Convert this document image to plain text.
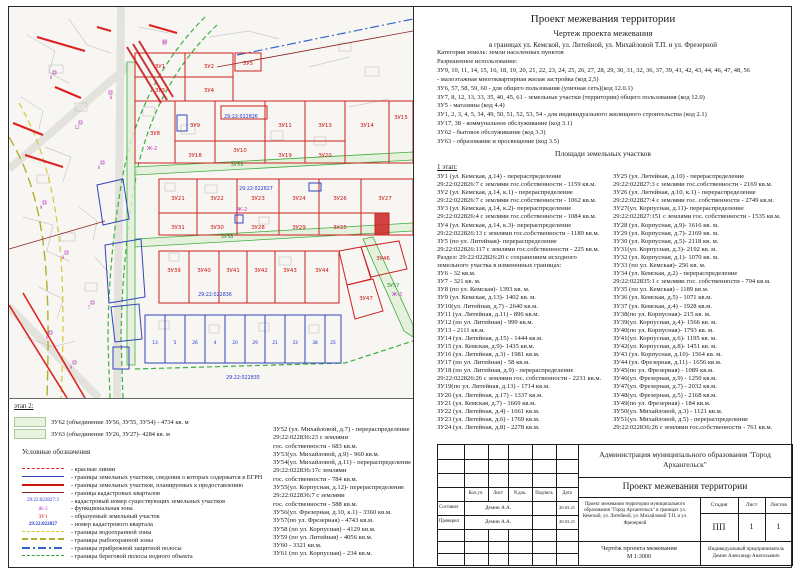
ЗУ1	ЗУ2
ЗУ3	ЗУ4
ЗУ5
ЗУ8
ЗУ9
ЗУ10
ЗУ11	ЗУ13	ЗУ14
ЗУ15
ЗУ18	ЗУ19	ЗУ20
ЗУ21	ЗУ22	ЗУ23	ЗУ24	ЗУ26	ЗУ27
ЗУ31	ЗУ30	ЗУ28	ЗУ29	ЗУ25
ЗУ39	ЗУ40	ЗУ41	ЗУ42	ЗУ43	ЗУ44
ЗУ46
ЗУ47
29:22:022826
29:22:022827
29:22:022836
29:22:022835
13	5	26	4	20	29	21	33	38	25
Ж-2
Ж-2
Ж-2
ЗУ59
ЗУ58
ЗУ57
8
12
б
9
8
7
б
9
12
8
Проект межевания территории
Чертеж проекта межевания
в границах ул. Кемской, ул. Литейной, ул. Михайловой Т.П. и ул. Фрезерной
Категория земель: земли населенных пунктов
Разрешенное использование:
ЗУ9, 10, 11, 14, 15, 16, 18, 19, 20, 21, 22, 23, 24, 25, 26, 27, 28, 29, 30, 31, 32, 36, 37, 39, 41, 42, 43, 44, 46, 47, 48, 56
- малоэтажная многоквартирная жилая застройка (код 2,5)
ЗУ6, 57, 58, 59, 60 - для общего пользования (уличная сеть)(код 12.0.1)
ЗУ7, 8, 12, 13, 33, 35, 40, 45, 61 - земельные участки (территории) общего пользования (код 12.0)
ЗУ5 - магазины (код 4.4)
ЗУ1, 2, 3, 4, 5, 34, 49, 50, 51, 52, 53, 54 - для индивидуального жилищного строительства (код 2.1)
ЗУ17, 38 - коммунальное обслуживание (код 3.1)
ЗУ62 - бытовое обслуживание (код 3.3)
ЗУ63 - образование и просвещение (код 3.5)
Площади земельных участков
1 этап:
ЗУ1 (ул. Кемская, д.14) - перераспределение
29:22:022826:7 с землями гос.собственности - 1159 кв.м.
ЗУ2 (ул. Кемская, д.14, к.1) - перераспределение
29:22:022826:7 с землями гос.собственности - 1062 кв.м.
ЗУ3 (ул. Кемская, д.14, к.2)- перераспределение
29:22:022826:4 с землями гос.собственности - 1084 кв.м.
ЗУ4 (ул. Кемская, д.14, к.3)- перераспределение
29:22:022826:13 с землями гос.собственности - 1189 кв.м.
ЗУ5 (по ул. Литейная)- перераспределение
29:22:022826:117 с землями гос.собственности - 225 кв.м.
Раздел: 29:22:022826:20 с сохранением исходного
земельного участка в измененных границах:
ЗУ6 - 32 кв.м.
ЗУ7 - 321 кв. м.
ЗУ8 (по ул. Кемская)- 1393 кв. м.
ЗУ9 (ул. Кемская, д.13)- 1402 кв. м.
ЗУ10(ул. Литейная, д.7) - 2640 кв.м.
ЗУ11 (ул. Литейная, д.11) - 896 кв.м.
ЗУ12 (по ул. Литейная) - 999 кв.м.
ЗУ13 - 2111 кв.м.
ЗУ14 (ул. Литейная, д.15) - 1444 кв.м.
ЗУ15 (ул. Кемская, д.9)- 1435 кв.м.
ЗУ16 (ул. Литейная, д.3) - 1981 кв.м.
ЗУ17 (по ул. Литейная) - 58 кв.м.
ЗУ18 (по ул. Литейная, д.9) - перераспределение
29:22:022826:26 с землями гос. собственности - 2231 кв.м.
ЗУ19(по ул. Литейная, д.13) - 1714 кв.м.
ЗУ20 (ул. Литейная, д.17) - 1337 кв.м.
ЗУ21 (ул. Кемская, д.7) - 1669 кв.м.
ЗУ22 (ул. Литейная, д.4) - 1661 кв.м.
ЗУ23 (ул. Литейная, д.6) - 1769 кв.м.
ЗУ24 (ул. Литейная, д.8) - 2278 кв.м.
ЗУ25 (ул. Литейная, д.10) - перераспределение
29:22:022827:3 с землями гос.собственности - 2169 кв.м.
ЗУ26 (ул. Литейная, д.10, к.1) - перераспределение
29:22:022827:4 с землями гос. собственности - 2749 кв.м.
ЗУ27(ул. Корпусная, д.11)- перераспределение
29:22:022827:151 с землями гос. собственности - 1535 кв.м.
ЗУ28 (ул. Корпусная, д.9)- 1616 кв. м.
ЗУ29 (ул. Корпусная, д.7)- 2169 кв. м.
ЗУ30 (ул. Корпусная, д.5)- 2118 кв. м.
ЗУ31(ул. Корпусная, д.3)- 2192 кв. м.
ЗУ32 (ул. Корпусная, д.1)- 1070 кв. м.
ЗУ33 (по ул. Кемская)- 256 кв. м.
ЗУ34 (ул. Кемская, д.2) - перераспределение
29:22:022835:1 с землями гос. собственности - 794 кв.м.
ЗУ35 (по ул. Кемская) - 1189 кв.м.
ЗУ36 (ул. Кемская, д.5) - 1071 кв.м.
ЗУ37 (ул. Кемская, д.4) - 1928 кв.м.
ЗУ38(по ул. Корпусная)- 215 кв. м.
ЗУ39(ул. Корпусная, д.4)- 1566 кв. м.
ЗУ40(по ул. Корпусная)- 1793 кв. м.
ЗУ41(ул. Корпусная, д.6)- 1195 кв. м.
ЗУ42(ул. Корпусная, д.8)- 1451 кв. м.
ЗУ43 (ул. Корпусная, д.10)- 1564 кв. м.
ЗУ44 (ул. Фрезерная, д.11) - 1656 кв.м.
ЗУ45(по ул. Фрезерная) - 1089 кв.м.
ЗУ46(ул. Фрезерная, д.9) - 1250 кв.м.
ЗУ47(ул. Фрезерная, д.7) - 2032 кв.м.
ЗУ48(ул. Фрезерная, д.5) - 2168 кв.м.
ЗУ49(по ул. Фрезерная) - 184 кв.м.
ЗУ50(ул. Михайловой, д.3) - 1121 кв.м.
ЗУ51(ул. Михайловой, д.5) - перераспределение
29:22:022836:26 с землями гос.собственности - 761 кв.м.
ЗУ52 (ул. Михайловой, д.7) - перераспределение
29:22:022836:23 с землями
гос. собственности - 683 кв.м.
ЗУ53(ул. Михайловой, д.9) - 960 кв.м.
ЗУ54(ул. Михайловой, д.11) - перераспределение
29:22:022836:17с землями
гос. собственности - 784 кв.м.
ЗУ55(ул. Корпусная, д.12)- перераспределение
29:22:022836:7 с землями
гос. собственности - 588 кв.м.
ЗУ56(ул. Фрезерная, д.10, к.1) - 3360 кв.м.
ЗУ57(по ул. Фрезерная) - 4743 кв.м.
ЗУ58 (по ул. Корпусная) - 4129 кв.м.
ЗУ59 (по ул. Литейная) - 4056 кв.м.
ЗУ60 - 3321 кв.м.
ЗУ61 (по ул. Корпусная) - 234 кв.м.
этап 2:
ЗУ62 (объединение ЗУ56, ЗУ55, ЗУ54) - 4734 кв. м
ЗУ63 (объединение ЗУ26, ЗУ27)- 4284 кв. м
Условные обозначения
- красные линии
- границы земельных участков, сведения о которых содержатся в ЕГРН
- границы земельных участков, планируемых к предоставлению
- граница кадастровых кварталов
29:22:022827:3 - кадастровый номер существующих земельных участков
Ж-2	- функциональная зона
ЗУ1	- образуемый земельный участок
29:22:022827 - номер кадастрового квартала
- границы водоохранной зоны
- границы рыбоохранной зоны
- границы прибрежной защитной полосы
- границы береговой полосы водного объекта
Кол.уч.	Лист	N.док.	Подпись	Дата
Составил	Демин А.А.	20.03.21
Проверил	Демин А.А.	20.03.21
Администрация муниципального образования "Город Архангельск"
Проект межевания территории
Проект межевания территории муниципального образования "Город Архангельск" в границах ул. Кемской, ул. Литейной, ул. Михайловой Т.П. и ул. Фрезерной
Стадия	Лист	Листов
ПП	1	1
Чертёж проекта межевания
М 1:3000
Индивидуальный предприниматель Демин Александр Анатольевич
